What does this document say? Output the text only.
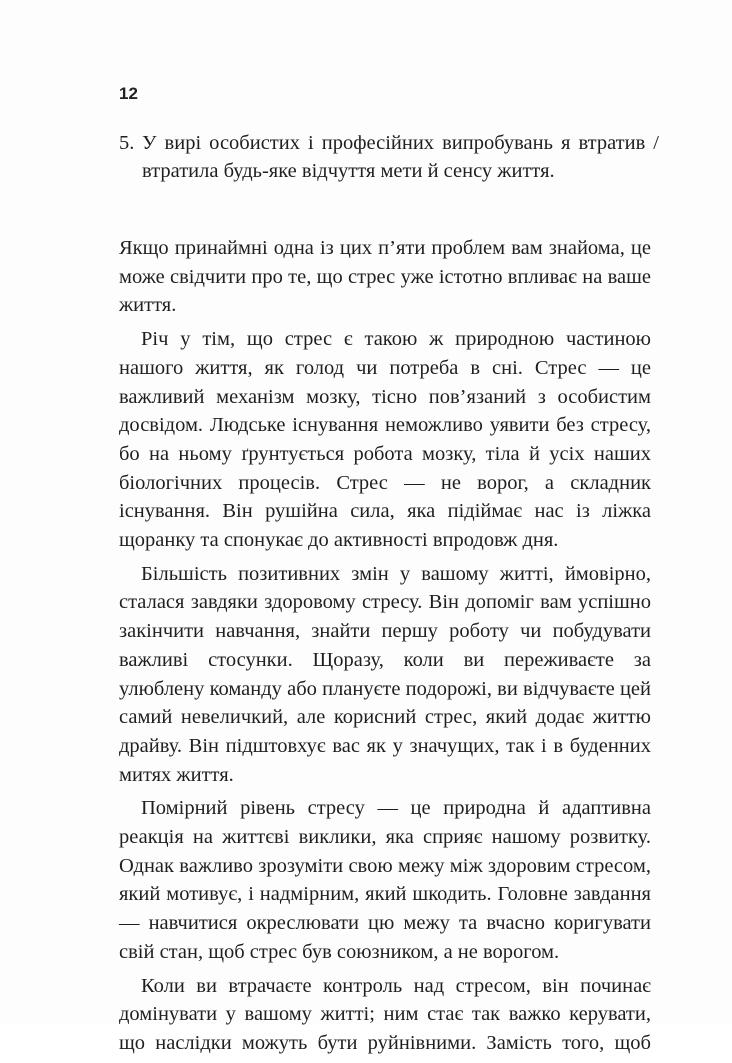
12
5. У вирі особистих і професійних випробувань я втратив / втратила будь-яке відчуття мети й сенсу життя.

Якщо принаймні одна із цих п’яти проблем вам знайома, це може свідчити про те, що стрес уже істотно впливає на ваше життя.

Річ у тім, що стрес є такою ж природною частиною нашого життя, як голод чи потреба в сні. Стрес — це важливий механізм мозку, тісно пов’язаний з особистим досвідом. Людське існування неможливо уявити без стресу, бо на ньому ґрунтується робота мозку, тіла й усіх наших біологічних процесів. Стрес — не ворог, а складник існування. Він рушійна сила, яка підіймає нас із ліжка щоранку та спонукає до активності впродовж дня.

Більшість позитивних змін у вашому житті, ймовірно, сталася завдяки здоровому стресу. Він допоміг вам успішно закінчити навчання, знайти першу роботу чи побудувати важливі стосунки. Щоразу, коли ви переживаєте за улюблену команду або плануєте подорожі, ви відчуваєте цей самий невеличкий, але корисний стрес, який додає життю драйву. Він підштовхує вас як у значущих, так і в буденних митях життя.

Помірний рівень стресу — це природна й адаптивна реакція на життєві виклики, яка сприяє нашому розвитку. Однак важливо зрозуміти свою межу між здоровим стресом, який мотивує, і надмірним, який шкодить. Головне завдання — навчитися окреслювати цю межу та вчасно коригувати свій стан, щоб стрес був союзником, а не ворогом.

Коли ви втрачаєте контроль над стресом, він починає домінувати у вашому житті; ним стає так важко керувати, що наслідки можуть бути руйнівними. Замість того, щоб
